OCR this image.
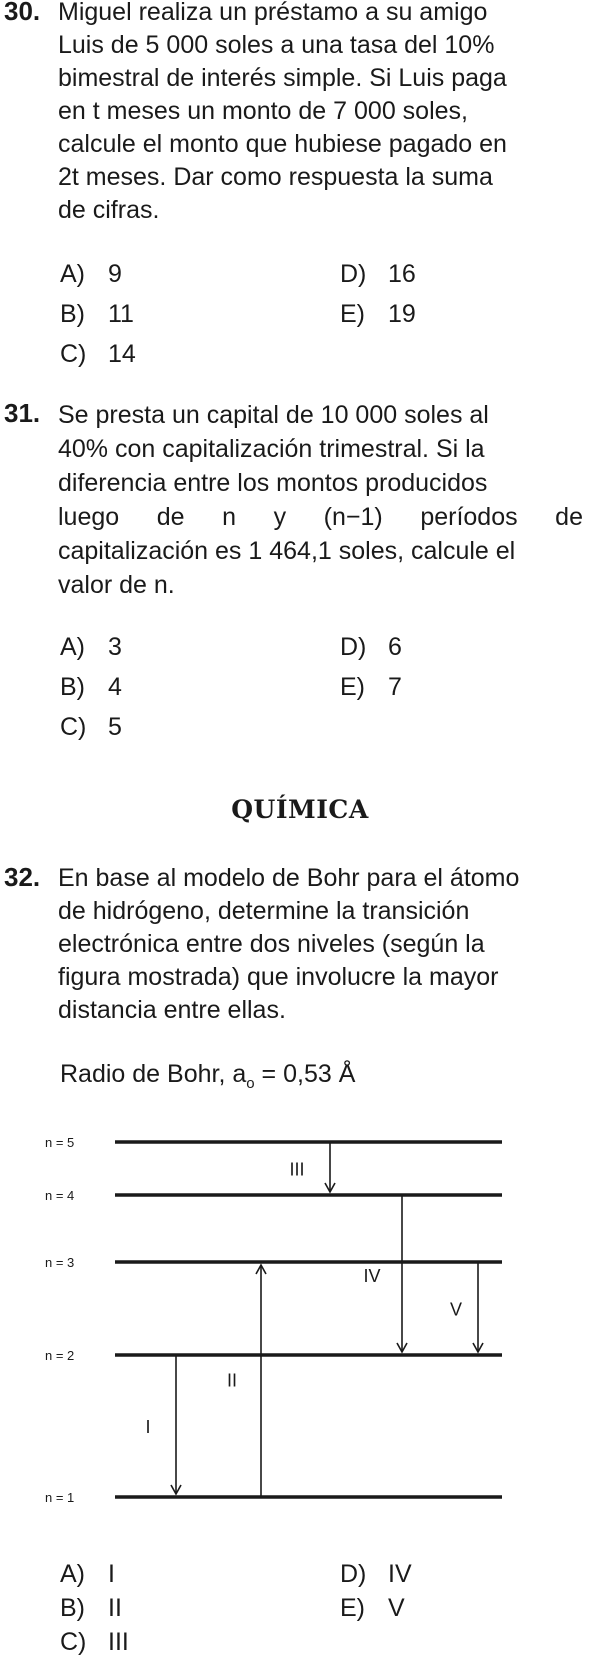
30. Miguel realiza un préstamo a su amigo
Luis de 5 000 soles a una tasa del 10%
bimestral de interés simple. Si Luis paga
en t meses un monto de 7 000 soles,
calcule el monto que hubiese pagado en
2t meses. Dar como respuesta la suma
de cifras.
A) 9
B) 11
C) 14
D) 16
E) 19
31. Se presta un capital de 10 000 soles al
40% con capitalización trimestral. Si la
diferencia entre los montos producidos
luego de n y (n−1) períodos de
capitalización es 1 464,1 soles, calcule el
valor de n.
A) 3
B) 4
C) 5
D) 6
E) 7
QUÍMICA
32. En base al modelo de Bohr para el átomo
de hidrógeno, determine la transición
electrónica entre dos niveles (según la
figura mostrada) que involucre la mayor
distancia entre ellas.
Radio de Bohr, $a_o = 0,53$ Å
n = 5
n = 4
n = 3
n = 2
n = 1
I
II
III
IV
V
A) I
B) II
C) III
D) IV
E) V
